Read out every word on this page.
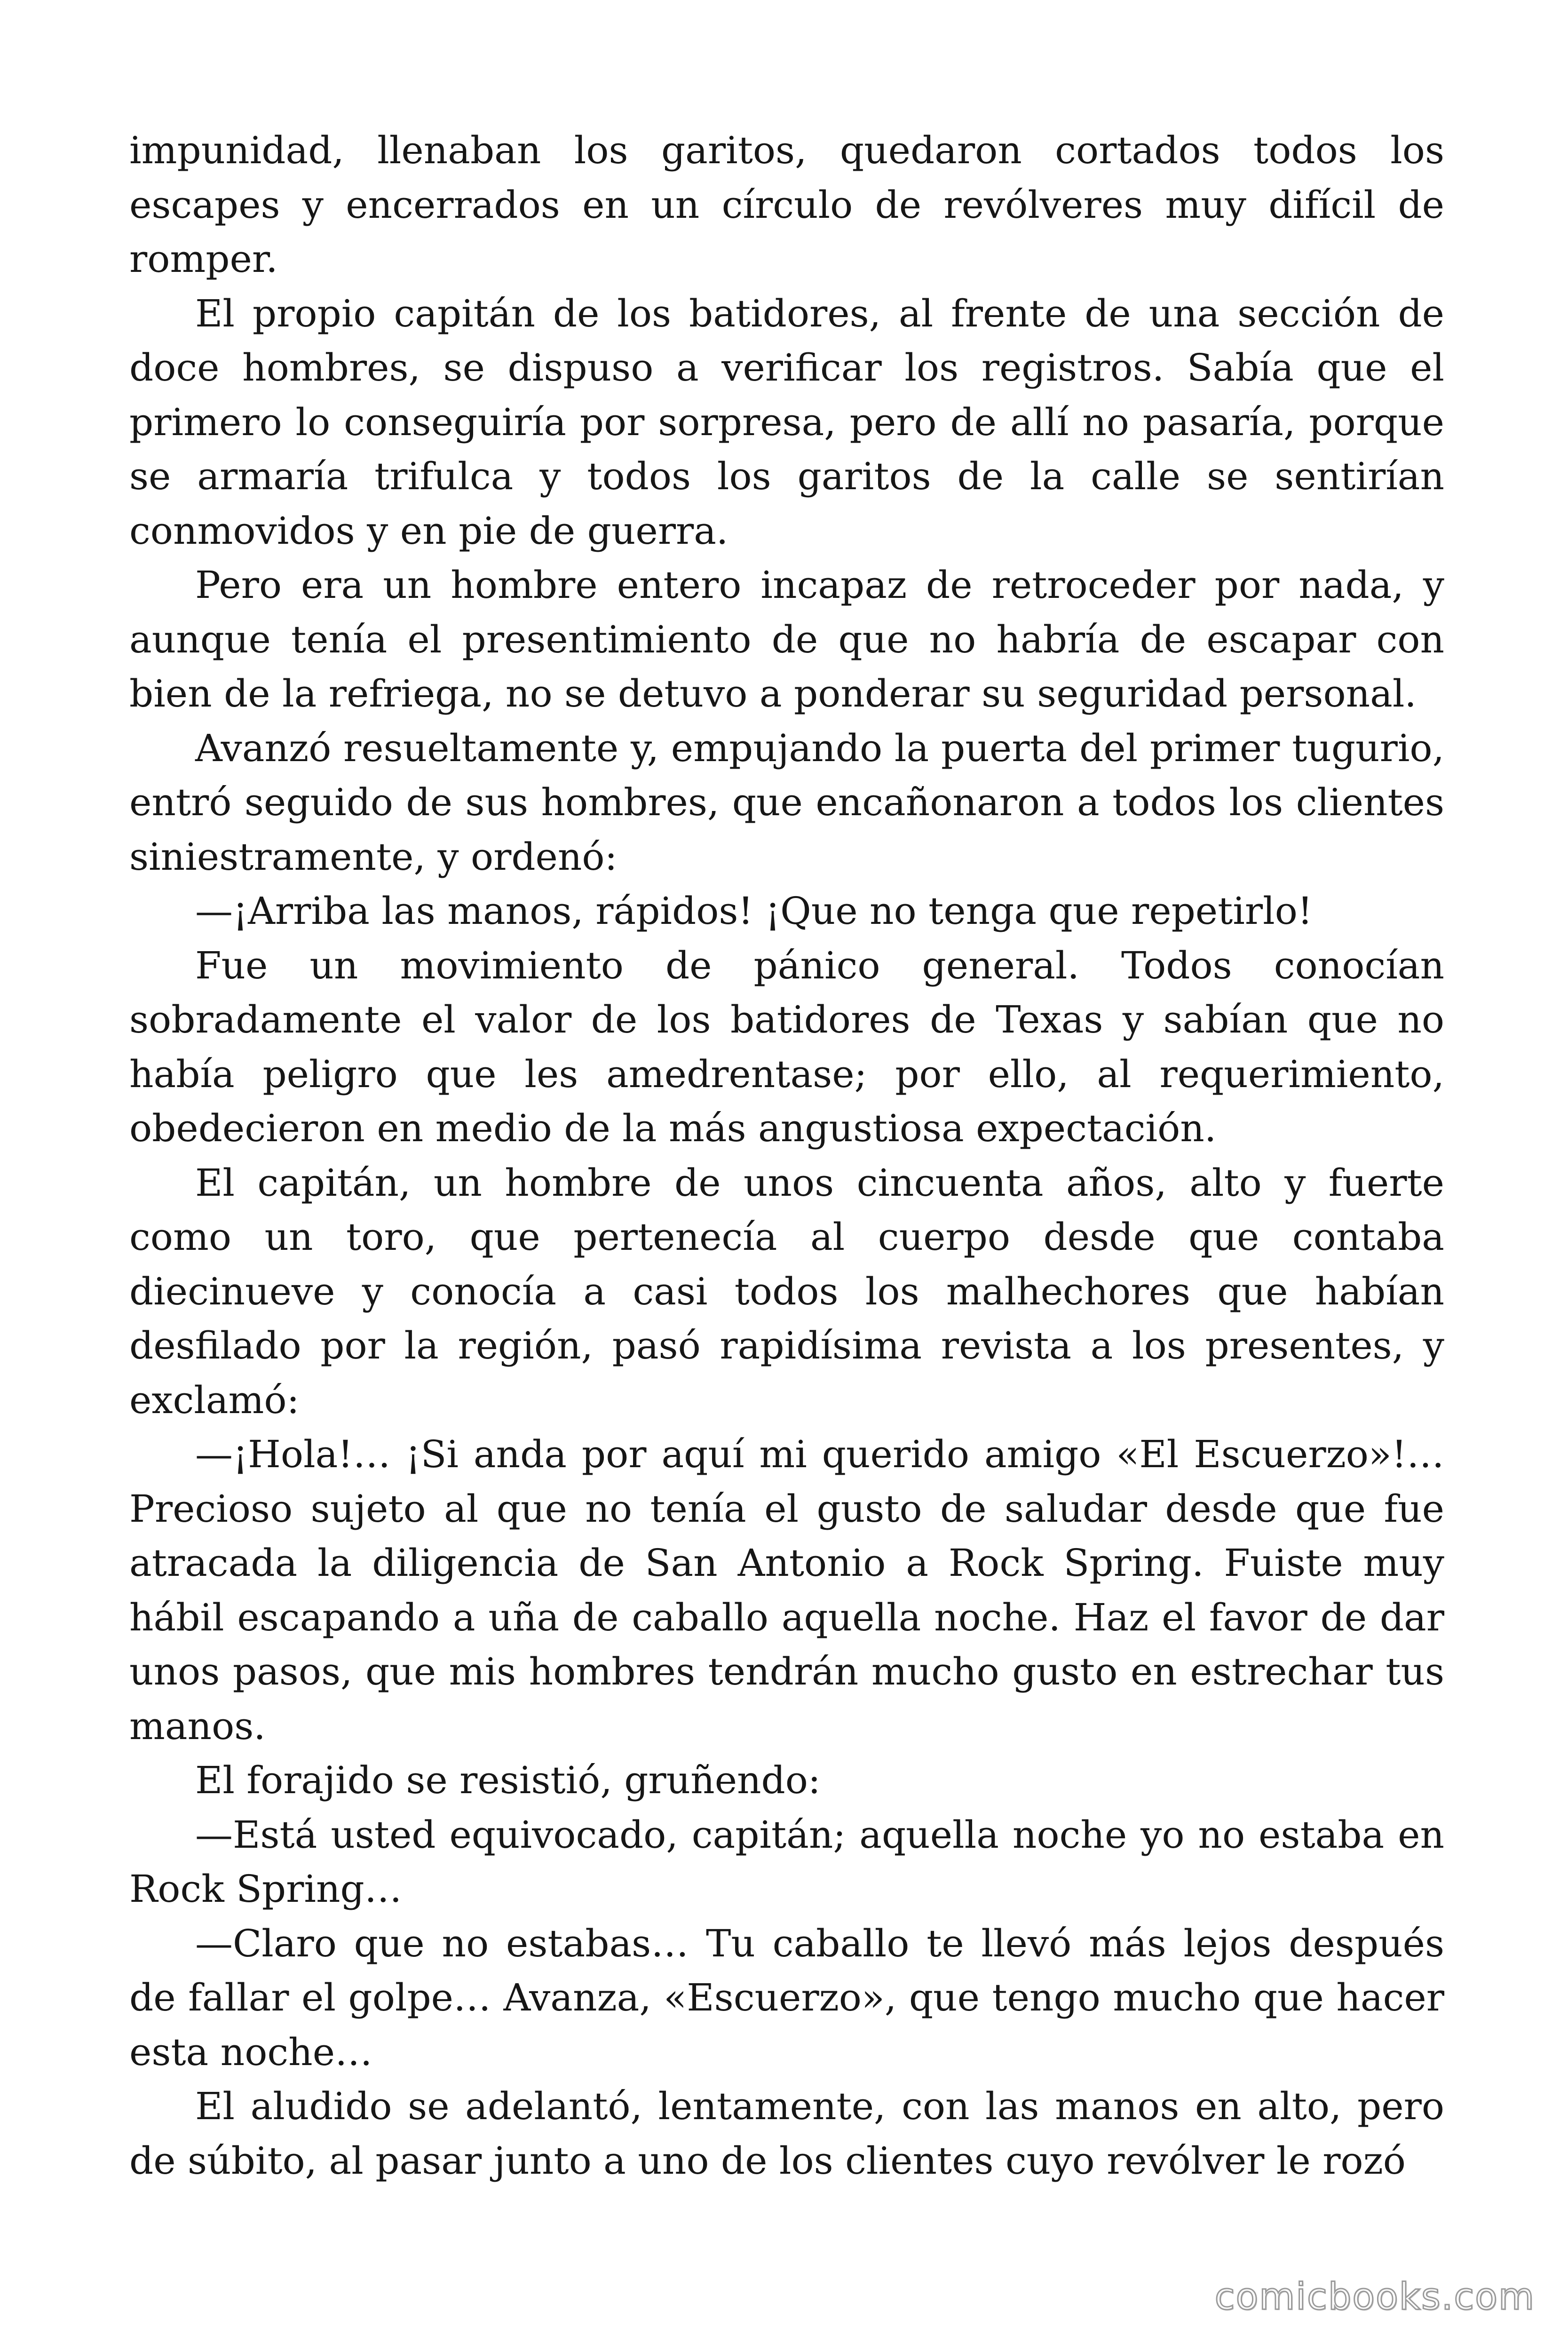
impunidad, llenaban los garitos, quedaron cortados todos los escapes y encerrados en un círculo de revólveres muy difícil de romper.

El propio capitán de los batidores, al frente de una sección de doce hombres, se dispuso a verificar los registros. Sabía que el primero lo conseguiría por sorpresa, pero de allí no pasaría, porque se armaría trifulca y todos los garitos de la calle se sentirían conmovidos y en pie de guerra.

Pero era un hombre entero incapaz de retroceder por nada, y aunque tenía el presentimiento de que no habría de escapar con bien de la refriega, no se detuvo a ponderar su seguridad personal.

Avanzó resueltamente y, empujando la puerta del primer tugurio, entró seguido de sus hombres, que encañonaron a todos los clientes siniestramente, y ordenó:

—¡Arriba las manos, rápidos! ¡Que no tenga que repetirlo!

Fue un movimiento de pánico general. Todos conocían sobradamente el valor de los batidores de Texas y sabían que no había peligro que les amedrentase; por ello, al requerimiento, obedecieron en medio de la más angustiosa expectación.

El capitán, un hombre de unos cincuenta años, alto y fuerte como un toro, que pertenecía al cuerpo desde que contaba diecinueve y conocía a casi todos los malhechores que habían desfilado por la región, pasó rapidísima revista a los presentes, y exclamó:

—¡Hola!… ¡Si anda por aquí mi querido amigo «El Escuerzo»!… Precioso sujeto al que no tenía el gusto de saludar desde que fue atracada la diligencia de San Antonio a Rock Spring. Fuiste muy hábil escapando a uña de caballo aquella noche. Haz el favor de dar unos pasos, que mis hombres tendrán mucho gusto en estrechar tus manos.

El forajido se resistió, gruñendo:

—Está usted equivocado, capitán; aquella noche yo no estaba en Rock Spring…

—Claro que no estabas… Tu caballo te llevó más lejos después de fallar el golpe… Avanza, «Escuerzo», que tengo mucho que hacer esta noche…

El aludido se adelantó, lentamente, con las manos en alto, pero de súbito, al pasar junto a uno de los clientes cuyo revólver le rozó

comicbooks.com
